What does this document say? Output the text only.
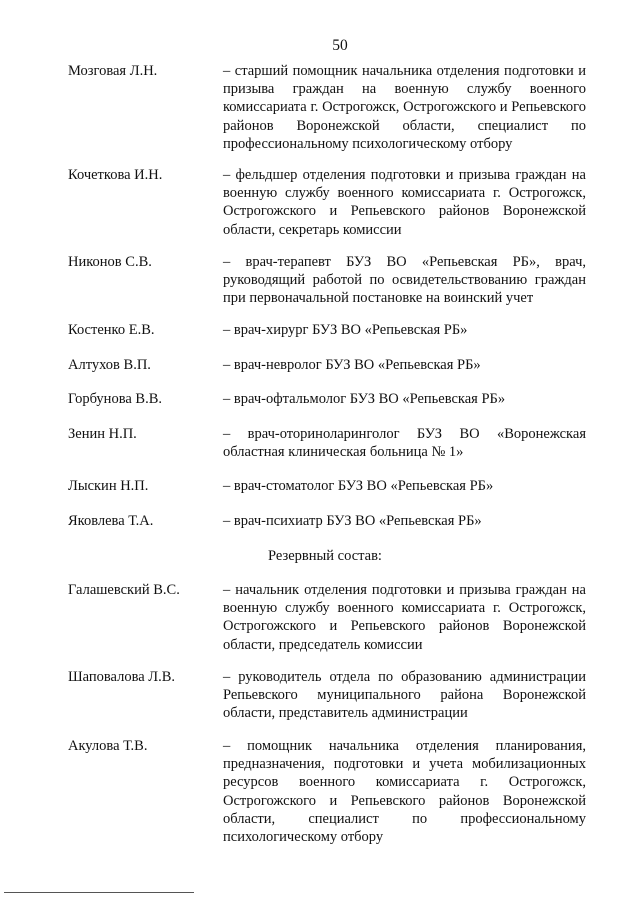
50
Мозговая Л.Н.	– старший помощник начальника отделения подготовки и призыва граждан на военную службу военного комиссариата г. Острогожск, Острогожского и Репьевского районов Воронежской области, специалист по профессиональному психологическому отбору
Кочеткова И.Н.	– фельдшер отделения подготовки и призыва граждан на военную службу военного комиссариата г. Острогожск, Острогожского и Репьевского районов Воронежской области, секретарь комиссии
Никонов С.В.	– врач-терапевт БУЗ ВО «Репьевская РБ», врач, руководящий работой по освидетельствованию граждан при первоначальной постановке на воинский учет
Костенко Е.В.	– врач-хирург БУЗ ВО «Репьевская РБ»
Алтухов В.П.	– врач-невролог БУЗ ВО «Репьевская РБ»
Горбунова В.В.	– врач-офтальмолог БУЗ ВО «Репьевская РБ»
Зенин Н.П.	– врач-оториноларинголог БУЗ ВО «Воронежская областная клиническая больница № 1»
Лыскин Н.П.	– врач-стоматолог БУЗ ВО «Репьевская РБ»
Яковлева Т.А.	– врач-психиатр БУЗ ВО «Репьевская РБ»
Резервный состав:
Галашевский В.С.	– начальник отделения подготовки и призыва граждан на военную службу военного комиссариата г. Острогожск, Острогожского и Репьевского районов Воронежской области, председатель комиссии
Шаповалова Л.В.	– руководитель отдела по образованию администрации Репьевского муниципального района Воронежской области, представитель администрации
Акулова Т.В.	– помощник начальника отделения планирования, предназначения, подготовки и учета мобилизационных ресурсов военного комиссариата г. Острогожск, Острогожского и Репьевского районов Воронежской области, специалист по профессиональному психологическому отбору
